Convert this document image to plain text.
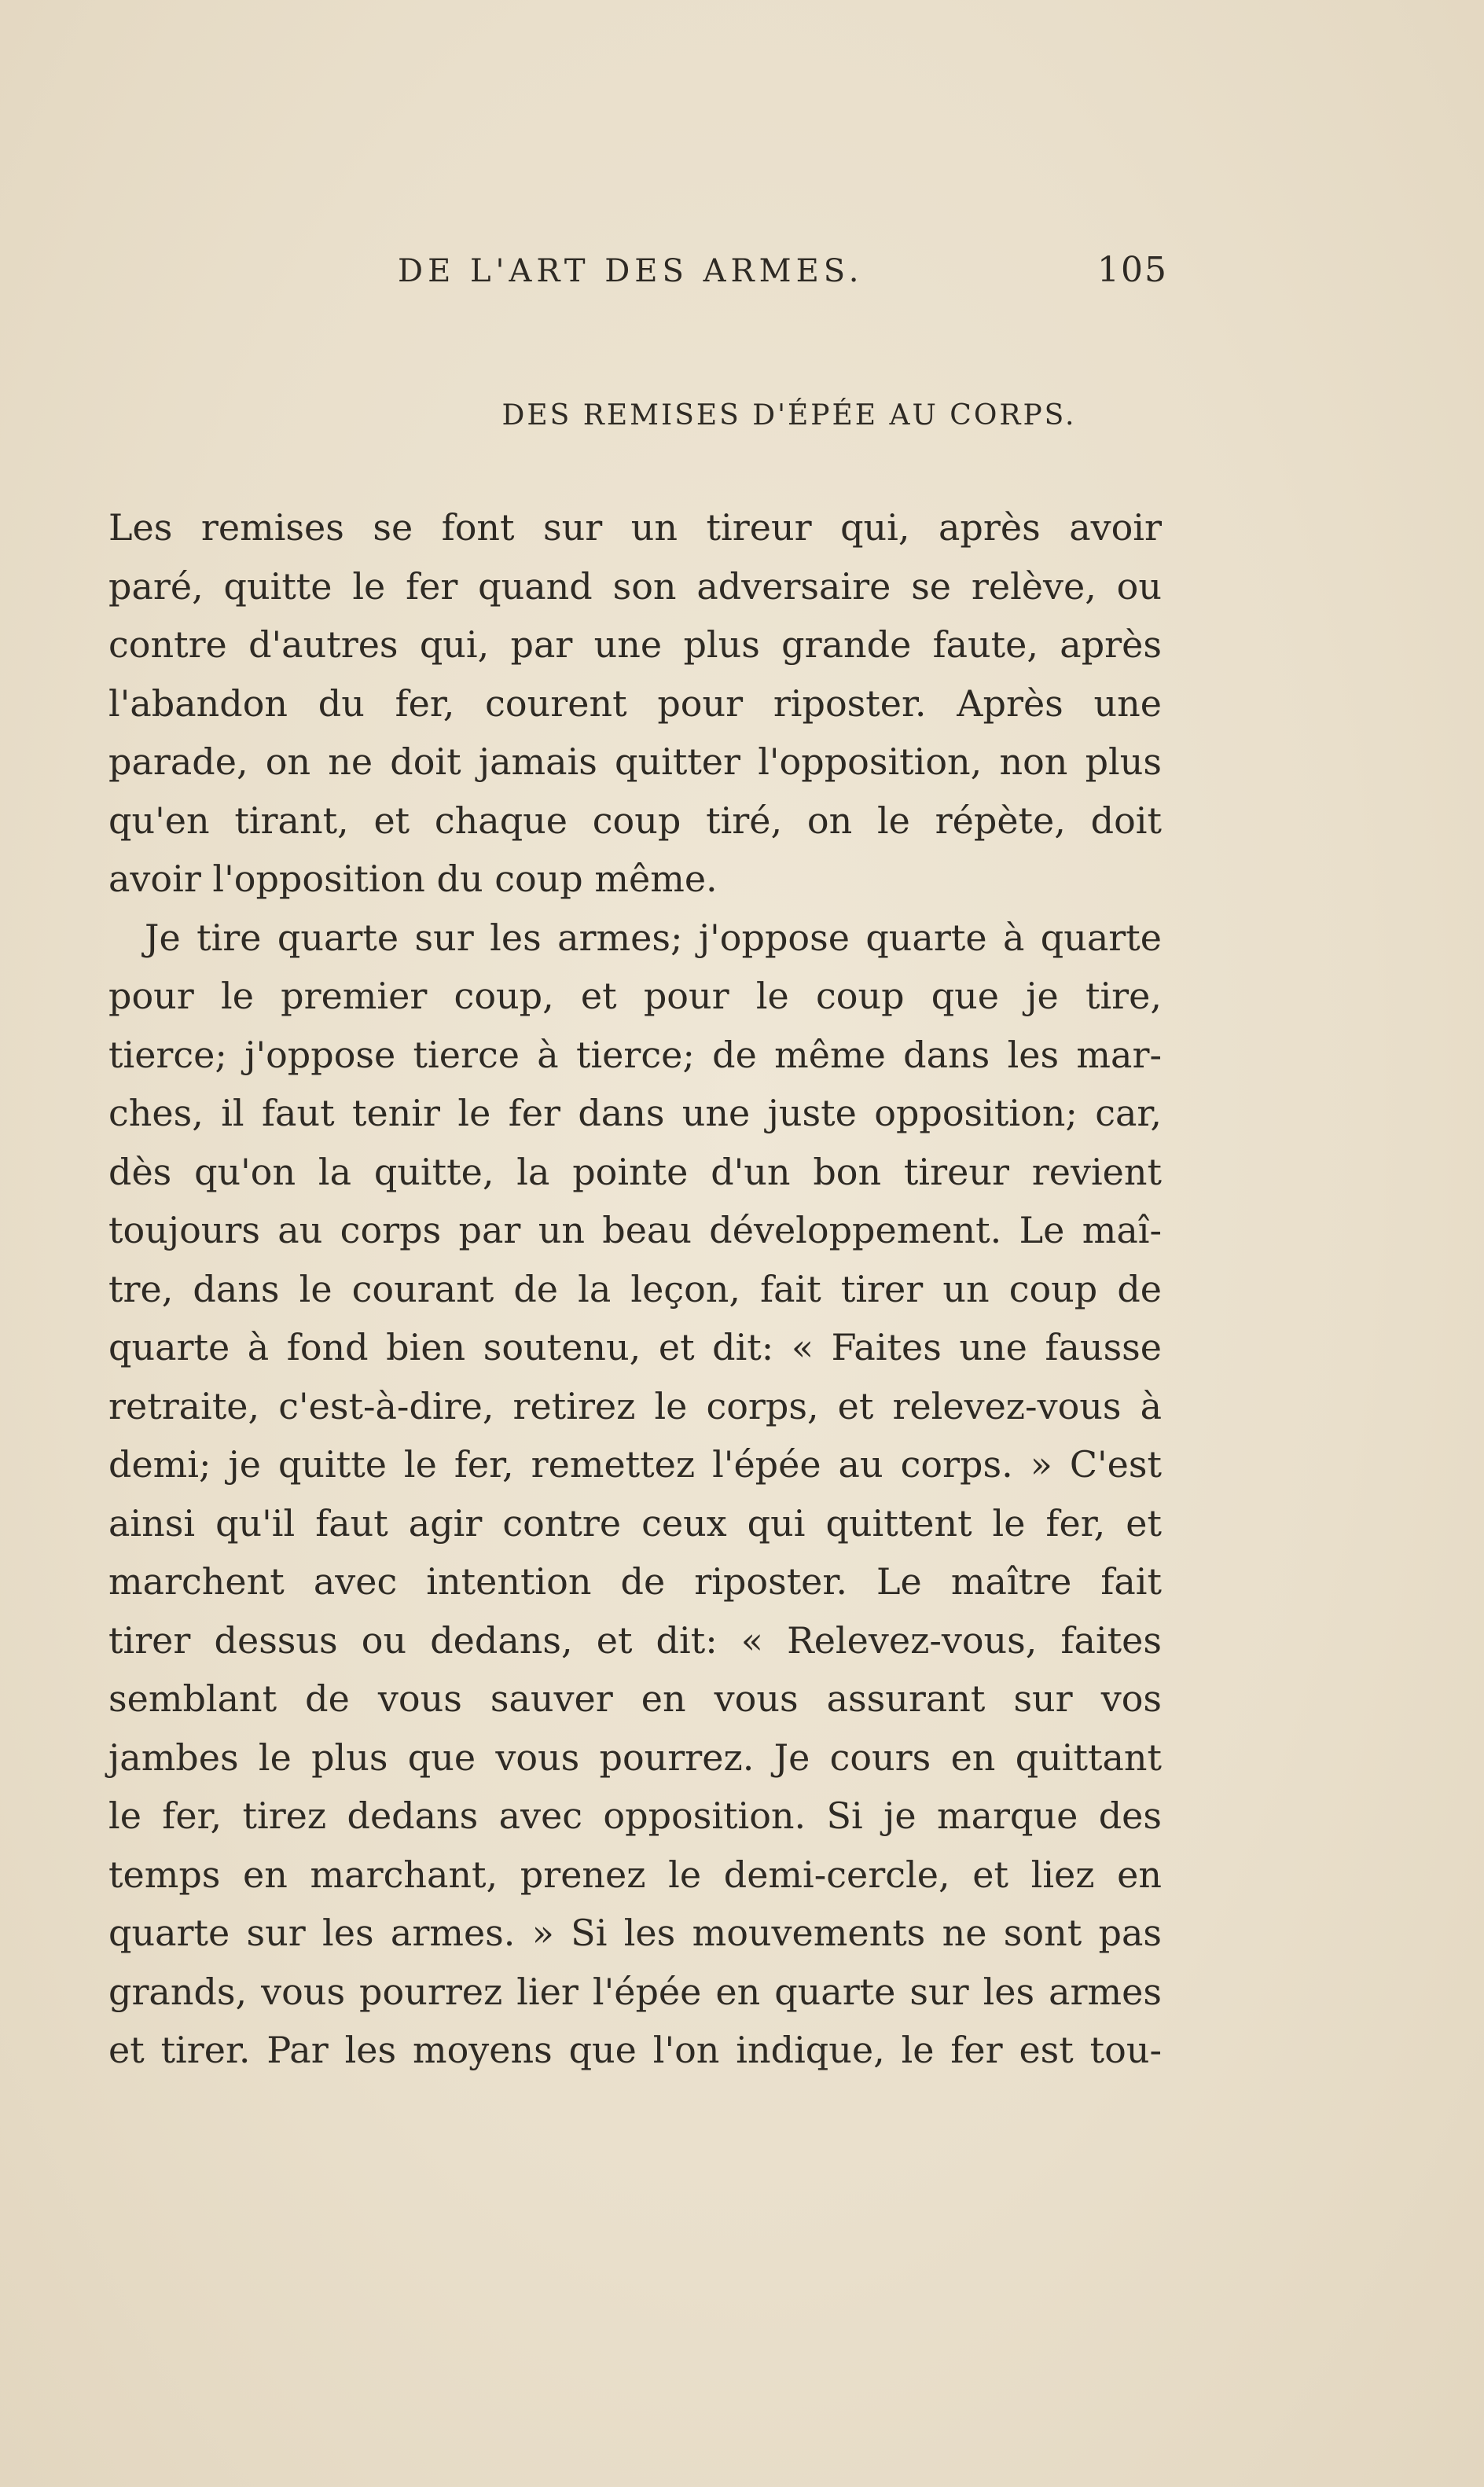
DE L'ART DES ARMES.	105
DES REMISES D'ÉPÉE AU CORPS.
Les remises se font sur un tireur qui, après avoir
paré, quitte le fer quand son adversaire se relève, ou
contre d'autres qui, par une plus grande faute, après
l'abandon du fer, courent pour riposter. Après une
parade, on ne doit jamais quitter l'opposition, non plus
qu'en tirant, et chaque coup tiré, on le répète, doit
avoir l'opposition du coup même.
Je tire quarte sur les armes; j'oppose quarte à quarte
pour le premier coup, et pour le coup que je tire,
tierce; j'oppose tierce à tierce; de même dans les mar-
ches, il faut tenir le fer dans une juste opposition; car,
dès qu'on la quitte, la pointe d'un bon tireur revient
toujours au corps par un beau développement. Le maî-
tre, dans le courant de la leçon, fait tirer un coup de
quarte à fond bien soutenu, et dit: « Faites une fausse
retraite, c'est-à-dire, retirez le corps, et relevez-vous à
demi; je quitte le fer, remettez l'épée au corps. » C'est
ainsi qu'il faut agir contre ceux qui quittent le fer, et
marchent avec intention de riposter. Le maître fait
tirer dessus ou dedans, et dit: « Relevez-vous, faites
semblant de vous sauver en vous assurant sur vos
jambes le plus que vous pourrez. Je cours en quittant
le fer, tirez dedans avec opposition. Si je marque des
temps en marchant, prenez le demi-cercle, et liez en
quarte sur les armes. » Si les mouvements ne sont pas
grands, vous pourrez lier l'épée en quarte sur les armes
et tirer. Par les moyens que l'on indique, le fer est tou-
